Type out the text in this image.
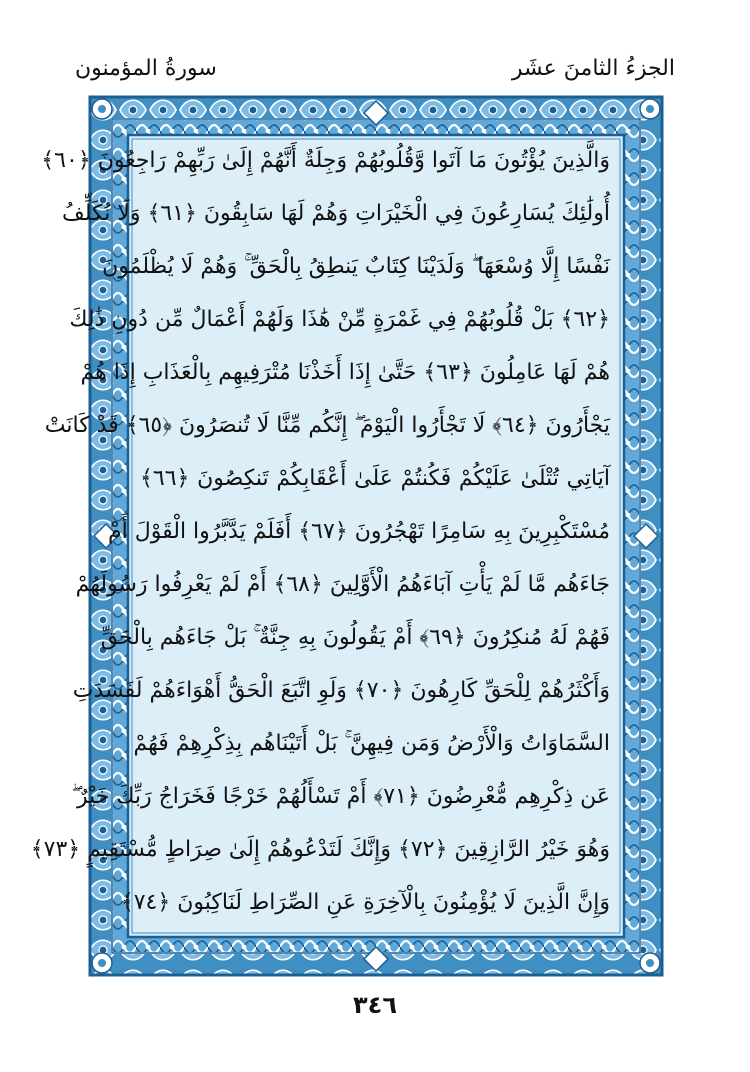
الجزءُ الثامنَ عشَر
سورةُ المؤمنون
وَالَّذِينَ يُؤْتُونَ مَا آتَوا وَّقُلُوبُهُمْ وَجِلَةٌ أَنَّهُمْ إِلَىٰ رَبِّهِمْ رَاجِعُونَ ﴿٦٠﴾
أُولَٰئِكَ يُسَارِعُونَ فِي الْخَيْرَاتِ وَهُمْ لَهَا سَابِقُونَ ﴿٦١﴾ وَلَا نُكَلِّفُ
نَفْسًا إِلَّا وُسْعَهَا ۖ وَلَدَيْنَا كِتَابٌ يَنطِقُ بِالْحَقِّ ۚ وَهُمْ لَا يُظْلَمُونَ
﴿٦٢﴾ بَلْ قُلُوبُهُمْ فِي غَمْرَةٍ مِّنْ هَٰذَا وَلَهُمْ أَعْمَالٌ مِّن دُونِ ذَٰلِكَ
هُمْ لَهَا عَامِلُونَ ﴿٦٣﴾ حَتَّىٰ إِذَا أَخَذْنَا مُتْرَفِيهِم بِالْعَذَابِ إِذَا هُمْ
يَجْأَرُونَ ﴿٦٤﴾ لَا تَجْأَرُوا الْيَوْمَ ۖ إِنَّكُم مِّنَّا لَا تُنصَرُونَ ﴿٦٥﴾ قَدْ كَانَتْ
آيَاتِي تُتْلَىٰ عَلَيْكُمْ فَكُنتُمْ عَلَىٰ أَعْقَابِكُمْ تَنكِصُونَ ﴿٦٦﴾
مُسْتَكْبِرِينَ بِهِ سَامِرًا تَهْجُرُونَ ﴿٦٧﴾ أَفَلَمْ يَدَّبَّرُوا الْقَوْلَ أَمْ
جَاءَهُم مَّا لَمْ يَأْتِ آبَاءَهُمُ الْأَوَّلِينَ ﴿٦٨﴾ أَمْ لَمْ يَعْرِفُوا رَسُولَهُمْ
فَهُمْ لَهُ مُنكِرُونَ ﴿٦٩﴾ أَمْ يَقُولُونَ بِهِ جِنَّةٌ ۚ بَلْ جَاءَهُم بِالْحَقِّ
وَأَكْثَرُهُمْ لِلْحَقِّ كَارِهُونَ ﴿٧٠﴾ وَلَوِ اتَّبَعَ الْحَقُّ أَهْوَاءَهُمْ لَفَسَدَتِ
السَّمَاوَاتُ وَالْأَرْضُ وَمَن فِيهِنَّ ۚ بَلْ أَتَيْنَاهُم بِذِكْرِهِمْ فَهُمْ
عَن ذِكْرِهِم مُّعْرِضُونَ ﴿٧١﴾ أَمْ تَسْأَلُهُمْ خَرْجًا فَخَرَاجُ رَبِّكَ خَيْرٌ ۖ
وَهُوَ خَيْرُ الرَّازِقِينَ ﴿٧٢﴾ وَإِنَّكَ لَتَدْعُوهُمْ إِلَىٰ صِرَاطٍ مُّسْتَقِيمٍ ﴿٧٣﴾
وَإِنَّ الَّذِينَ لَا يُؤْمِنُونَ بِالْآخِرَةِ عَنِ الصِّرَاطِ لَنَاكِبُونَ ﴿٧٤﴾
٣٤٦
